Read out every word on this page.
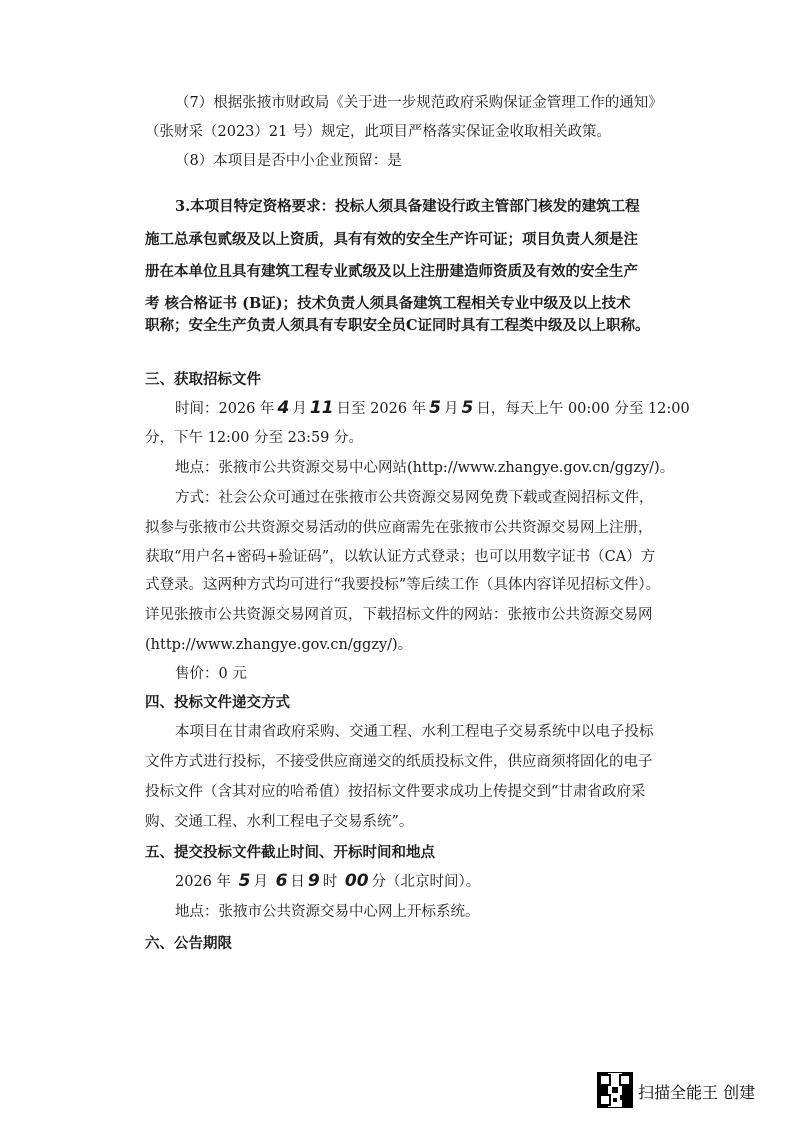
（7）根据张掖市财政局《关于进一步规范政府采购保证金管理工作的通知》
（张财采（2023）21 号）规定，此项目严格落实保证金收取相关政策。
（8）本项目是否中小企业预留：是
3.本项目特定资格要求：投标人须具备建设行政主管部门核发的建筑工程
施工总承包贰级及以上资质，具有有效的安全生产许可证；项目负责人须是注
册在本单位且具有建筑工程专业贰级及以上注册建造师资质及有效的安全生产
考 核合格证书 (B证)；技术负责人须具备建筑工程相关专业中级及以上技术
职称；安全生产负责人须具有专职安全员C证同时具有工程类中级及以上职称。
三、获取招标文件
时间：2026 年 4 月 11 日至 2026 年 5 月 5 日，每天上午 00:00 分至 12:00
分，下午 12:00 分至 23:59 分。
地点：张掖市公共资源交易中心网站(http://www.zhangye.gov.cn/ggzy/)。
方式：社会公众可通过在张掖市公共资源交易网免费下载或查阅招标文件，
拟参与张掖市公共资源交易活动的供应商需先在张掖市公共资源交易网上注册，
获取“用户名+密码+验证码”，以软认证方式登录；也可以用数字证书（CA）方
式登录。这两种方式均可进行“我要投标”等后续工作（具体内容详见招标文件）。
详见张掖市公共资源交易网首页，下载招标文件的网站：张掖市公共资源交易网
(http://www.zhangye.gov.cn/ggzy/)。
售价：0 元
四、投标文件递交方式
本项目在甘肃省政府采购、交通工程、水利工程电子交易系统中以电子投标
文件方式进行投标，不接受供应商递交的纸质投标文件，供应商须将固化的电子
投标文件（含其对应的哈希值）按招标文件要求成功上传提交到“甘肃省政府采
购、交通工程、水利工程电子交易系统”。
五、提交投标文件截止时间、开标时间和地点
2026 年 5 月 6 日 9 时 00 分（北京时间）。
地点：张掖市公共资源交易中心网上开标系统。
六、公告期限
扫描全能王 创建
